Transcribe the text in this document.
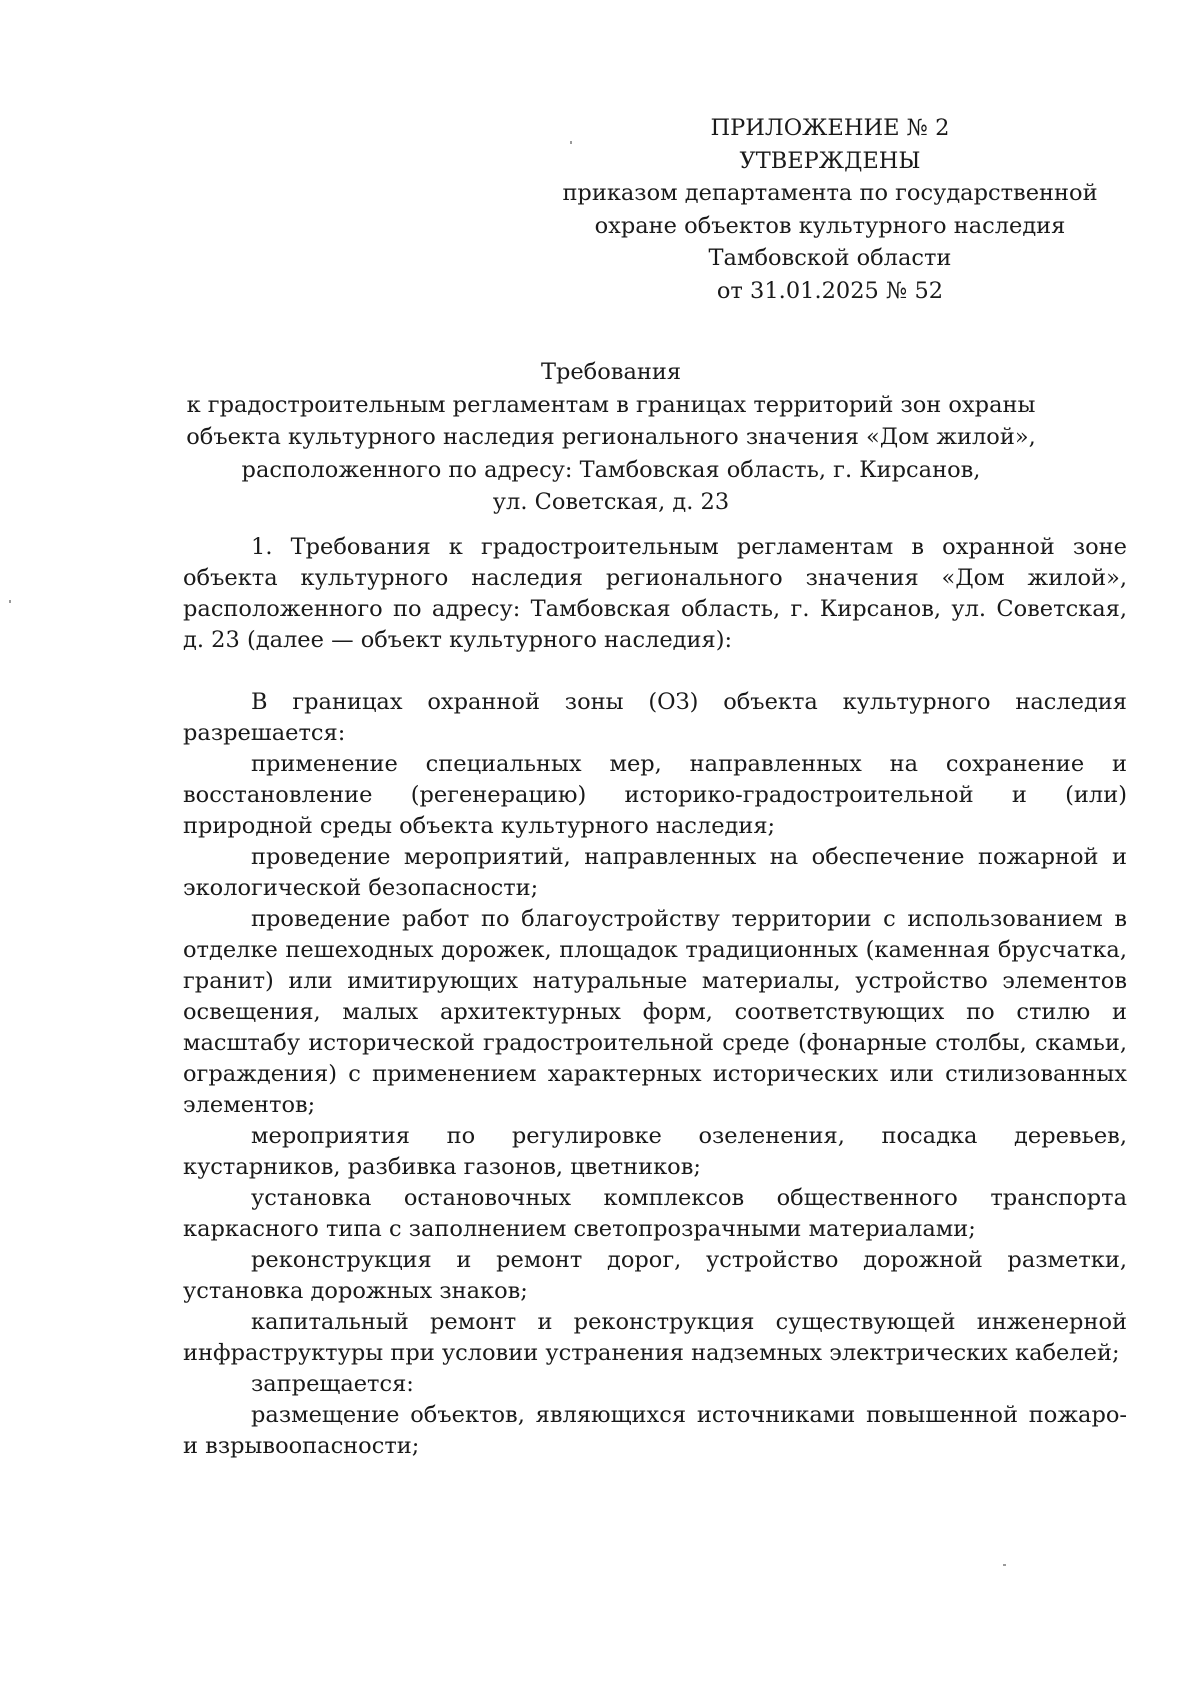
ПРИЛОЖЕНИЕ № 2
УТВЕРЖДЕНЫ
приказом департамента по государственной
охране объектов культурного наследия
Тамбовской области
от 31.01.2025 № 52
Требования
к градостроительным регламентам в границах территорий зон охраны
объекта культурного наследия регионального значения «Дом жилой»,
расположенного по адресу: Тамбовская область, г. Кирсанов,
ул. Советская, д. 23

1. Требования к градостроительным регламентам в охранной зоне объекта культурного наследия регионального значения «Дом жилой», расположенного по адресу: Тамбовская область, г. Кирсанов, ул. Советская, д. 23 (далее — объект культурного наследия):

В границах охранной зоны (ОЗ) объекта культурного наследия разрешается:

применение специальных мер, направленных на сохранение и восстановление (регенерацию) историко-градостроительной и (или) природной среды объекта культурного наследия;

проведение мероприятий, направленных на обеспечение пожарной и экологической безопасности;

проведение работ по благоустройству территории с использованием в отделке пешеходных дорожек, площадок традиционных (каменная брусчатка, гранит) или имитирующих натуральные материалы, устройство элементов освещения, малых архитектурных форм, соответствующих по стилю и масштабу исторической градостроительной среде (фонарные столбы, скамьи, ограждения) с применением характерных исторических или стилизованных элементов;

мероприятия по регулировке озеленения, посадка деревьев, кустарников, разбивка газонов, цветников;

установка остановочных комплексов общественного транспорта каркасного типа с заполнением светопрозрачными материалами;

реконструкция и ремонт дорог, устройство дорожной разметки, установка дорожных знаков;

капитальный ремонт и реконструкция существующей инженерной инфраструктуры при условии устранения надземных электрических кабелей;

запрещается:

размещение объектов, являющихся источниками повышенной пожаро- и взрывоопасности;
